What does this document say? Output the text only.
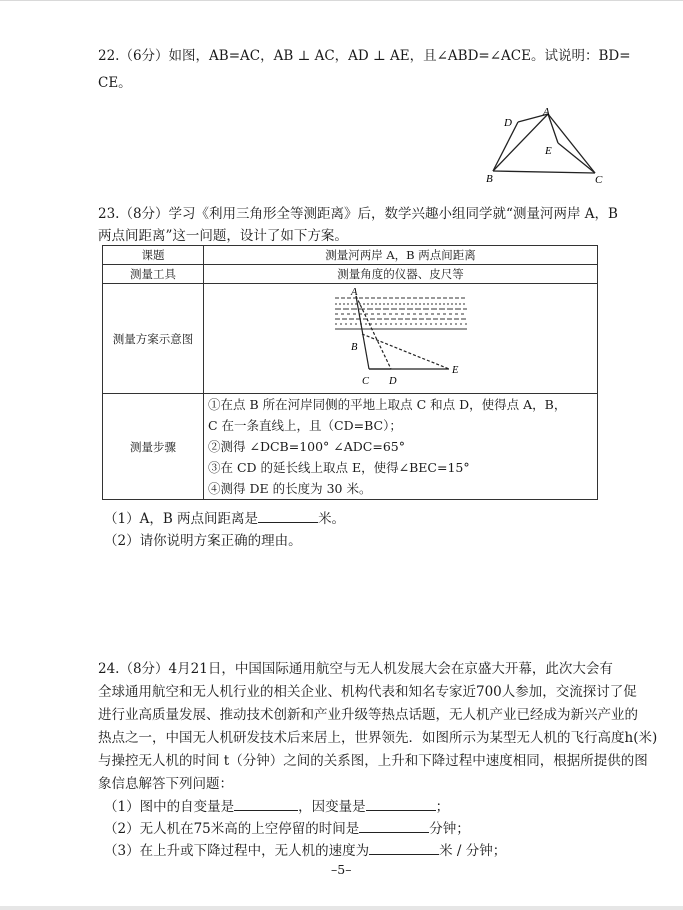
22.（6分）如图，AB=AC，AB ⊥ AC，AD ⊥ AE，且∠ABD=∠ACE。试说明：BD=
CE。
A
D
E
B	C
23.（8分）学习《利用三角形全等测距离》后，数学兴趣小组同学就“测量河两岸 A，B
两点间距离”这一问题，设计了如下方案。
课题	测量河两岸 A，B 两点间距离
测量工具	测量角度的仪器、皮尺等
测量方案示意图	A
B
C D
E

测量步骤	①在点 B 所在河岸同侧的平地上取点 C 和点 D，使得点 A，B，
C 在一条直线上，且（CD=BC）；
②测得 ∠DCB=100° ∠ADC=65°
③在 CD 的延长线上取点 E，使得∠BEC=15°
④测得 DE 的长度为 30 米。
（1）A，B 两点间距离是	米。
（2）请你说明方案正确的理由。
24.（8分）4月21日，中国国际通用航空与无人机发展大会在京盛大开幕，此次大会有
全球通用航空和无人机行业的相关企业、机构代表和知名专家近700人参加，交流探讨了促
进行业高质量发展、推动技术创新和产业升级等热点话题，无人机产业已经成为新兴产业的
热点之一，中国无人机研发技术后来居上，世界领先．如图所示为某型无人机的飞行高度h(米)
与操控无人机的时间 t（分钟）之间的关系图，上升和下降过程中速度相同，根据所提供的图
象信息解答下列问题：
（1）图中的自变量是	，因变量是	；
（2）无人机在75米高的上空停留的时间是	分钟；
（3）在上升或下降过程中，无人机的速度为	米 / 分钟；
–5–
